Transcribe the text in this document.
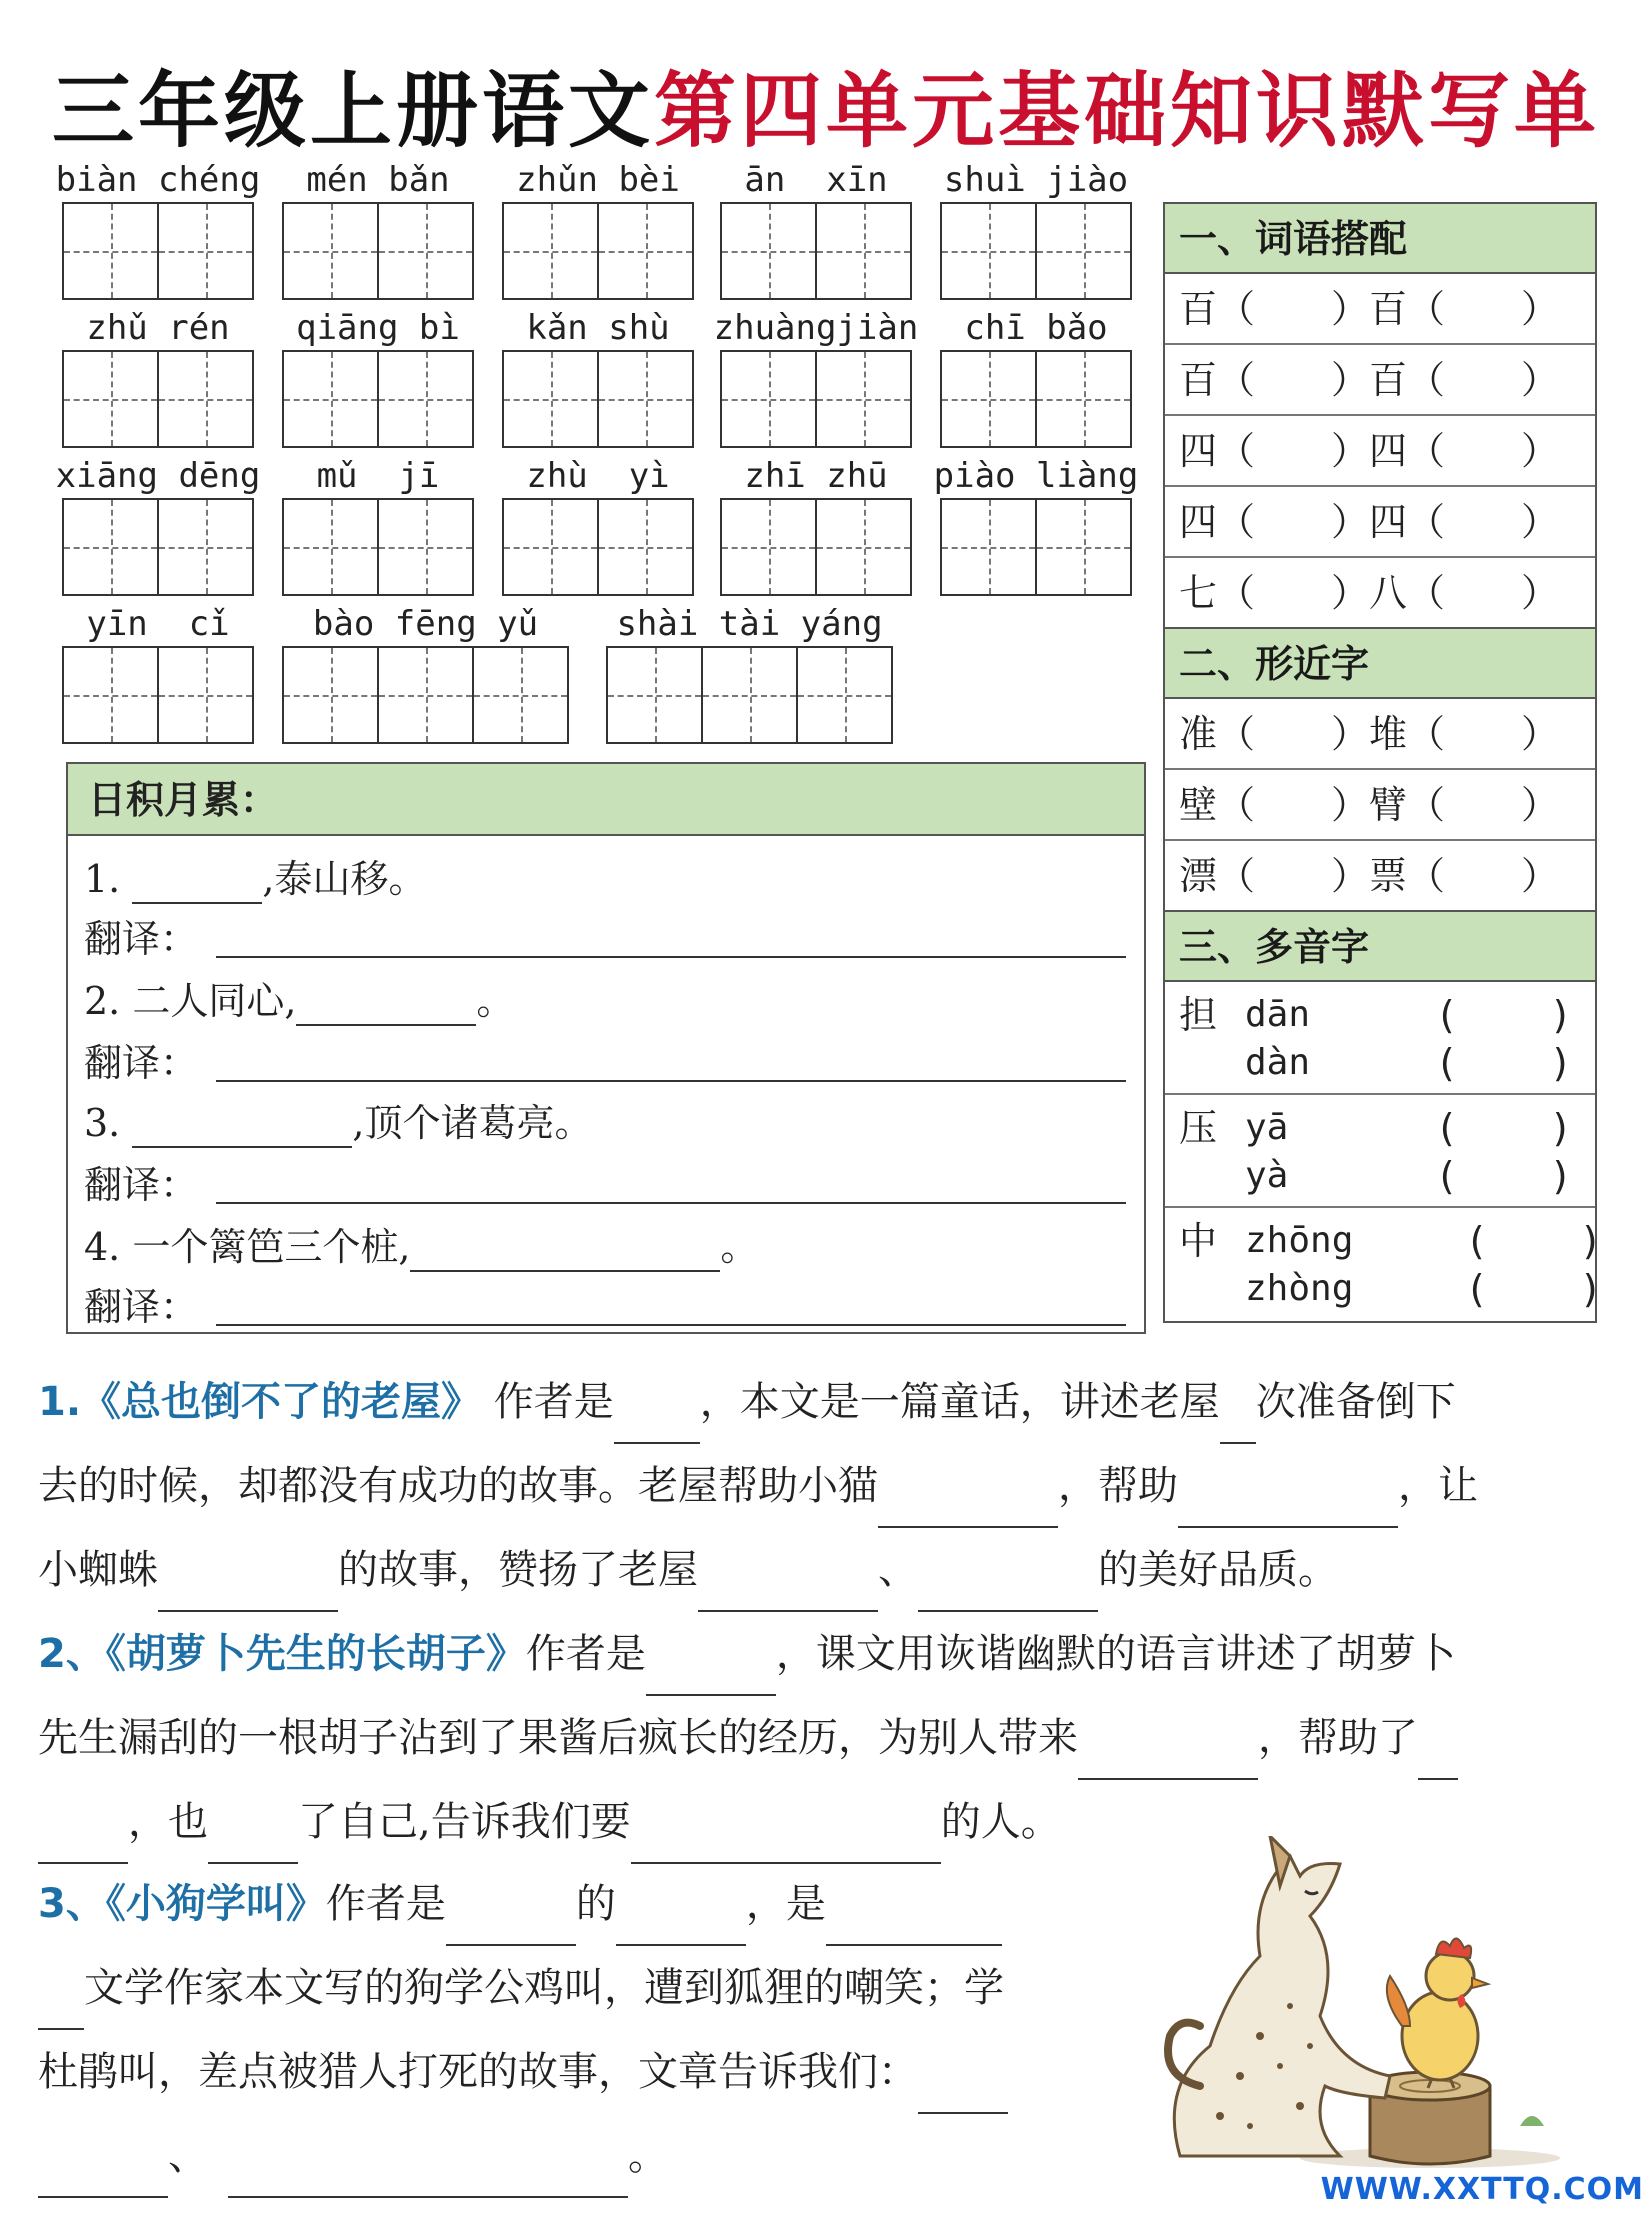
三年级上册语文第四单元基础知识默写单
biàn chéng	mén bǎn	zhǔn bèi	ān  xīn	shuì jiào
zhǔ rén	qiāng bì	kǎn shù	zhuàngjiàn	chī bǎo
xiāng dēng	mǔ  jī	zhù  yì	zhī zhū	piào liàng
yīn  cǐ	bào fēng yǔ	shài tài yáng
一、词语搭配
百（　　）百（　　）
百（　　）百（　　）
四（　　）四（　　）
四（　　）四（　　）
七（　　）八（　　）
二、形近字
准（　　）堆（　　）
壁（　　）臂（　　）
漂（　　）票（　　）
三、多音字
担 dān	(    )
dàn	(    )
压 yā	(    )
yà	(    )
中 zhōng	(    )
zhòng	(    )
日积月累：
1.	,泰山移。
翻译：
2. 二人同心,	。
翻译：
3.	,顶个诸葛亮。
翻译：
4. 一个篱笆三个桩,	。
翻译：
1.《总也倒不了的老屋》 作者是 ，本文是一篇童话，讲述老屋 次准备倒下
去的时候，却都没有成功的故事。老屋帮助小猫	，帮助	，让
小蜘蛛	的故事，赞扬了老屋	、	的美好品质。
2、《胡萝卜先生的长胡子》作者是	，课文用诙谐幽默的语言讲述了胡萝卜
先生漏刮的一根胡子沾到了果酱后疯长的经历，为别人带来	，帮助了
，也 了自己,告诉我们要	的人。
3、《小狗学叫》作者是	的	，是
文学作家本文写的狗学公鸡叫，遭到狐狸的嘲笑；学
杜鹃叫，差点被猎人打死的故事，文章告诉我们：
、	。
WWW.XXTTQ.COM
